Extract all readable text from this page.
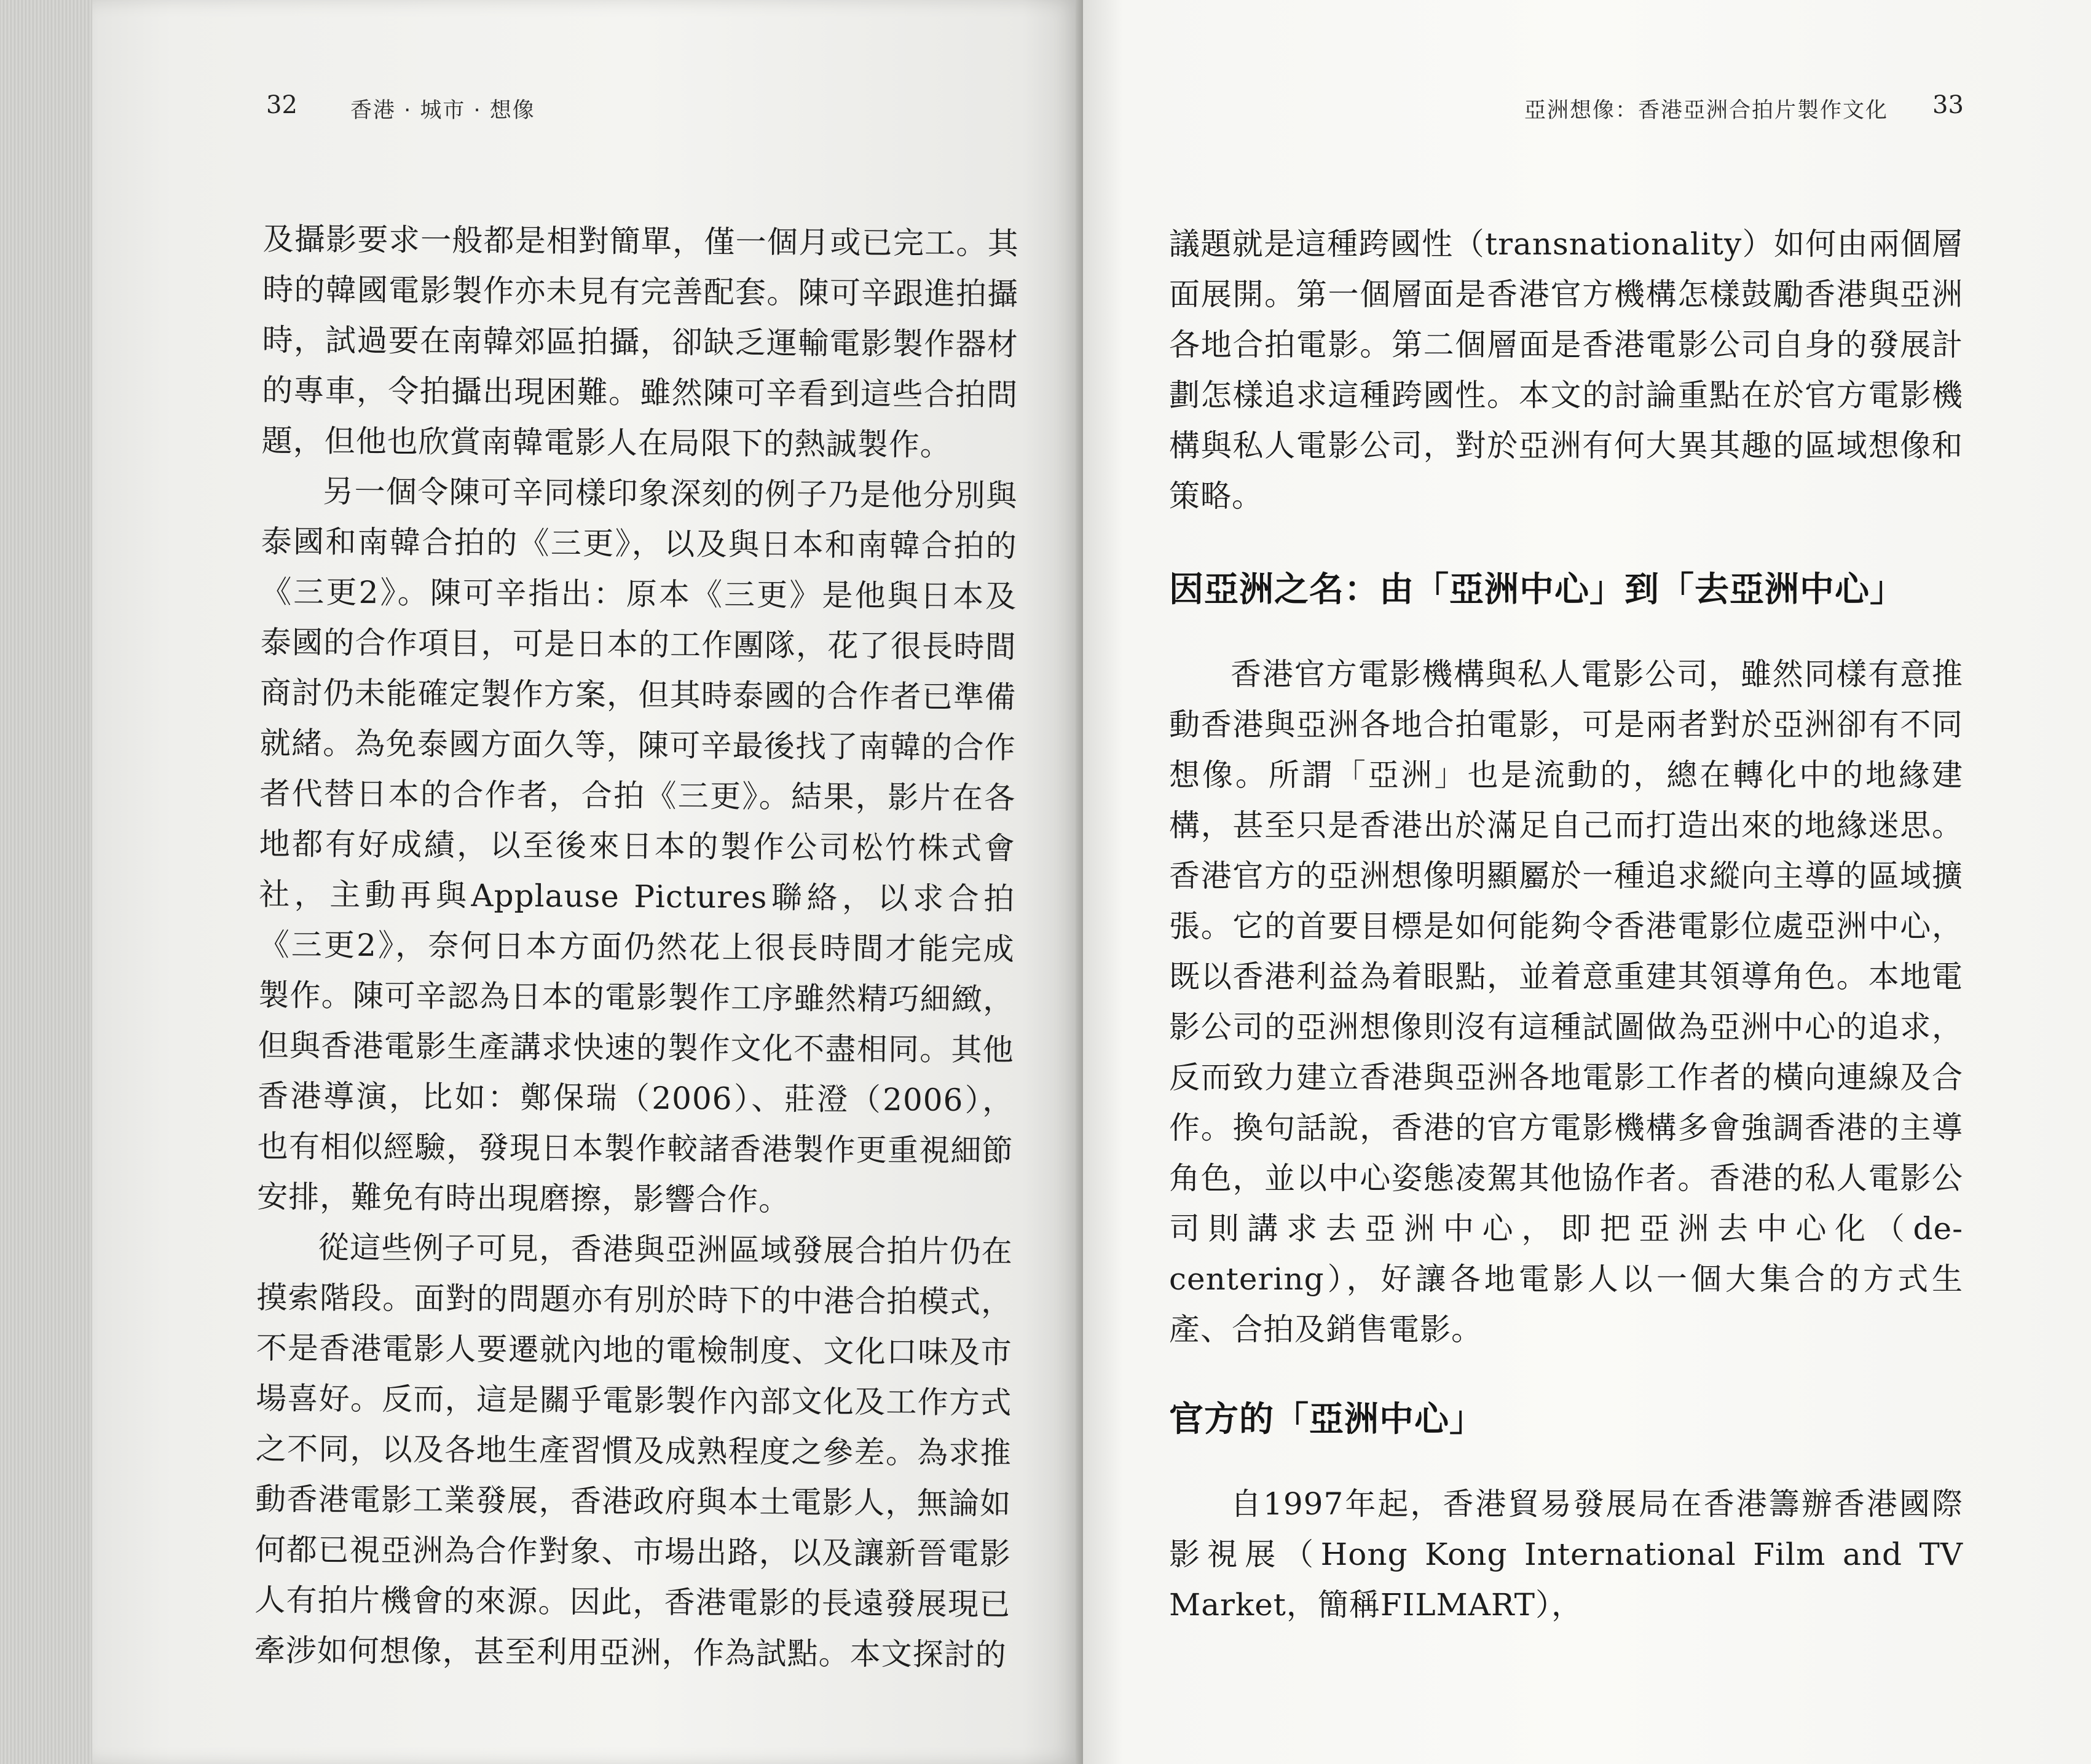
32 香港 · 城市 · 想像

及攝影要求一般都是相對簡單，僅一個月或已完工。其時的韓國電影製作亦未見有完善配套。陳可辛跟進拍攝時，試過要在南韓郊區拍攝，卻缺乏運輸電影製作器材的專車，令拍攝出現困難。雖然陳可辛看到這些合拍問題，但他也欣賞南韓電影人在局限下的熱誠製作。

另一個令陳可辛同樣印象深刻的例子乃是他分別與泰國和南韓合拍的《三更》，以及與日本和南韓合拍的《三更2》。陳可辛指出：原本《三更》是他與日本及泰國的合作項目，可是日本的工作團隊，花了很長時間商討仍未能確定製作方案，但其時泰國的合作者已準備就緒。為免泰國方面久等，陳可辛最後找了南韓的合作者代替日本的合作者，合拍《三更》。結果，影片在各地都有好成績，以至後來日本的製作公司松竹株式會社，主動再與Applause Pictures聯絡，以求合拍《三更2》，奈何日本方面仍然花上很長時間才能完成製作。陳可辛認為日本的電影製作工序雖然精巧細緻，但與香港電影生產講求快速的製作文化不盡相同。其他香港導演，比如：鄭保瑞（2006）、莊澄（2006），也有相似經驗，發現日本製作較諸香港製作更重視細節安排，難免有時出現磨擦，影響合作。

從這些例子可見，香港與亞洲區域發展合拍片仍在摸索階段。面對的問題亦有別於時下的中港合拍模式，不是香港電影人要遷就內地的電檢制度、文化口味及市場喜好。反而，這是關乎電影製作內部文化及工作方式之不同，以及各地生產習慣及成熟程度之參差。為求推動香港電影工業發展，香港政府與本土電影人，無論如何都已視亞洲為合作對象、市場出路，以及讓新晉電影人有拍片機會的來源。因此，香港電影的長遠發展現已牽涉如何想像，甚至利用亞洲，作為試點。本文探討的

亞洲想像：香港亞洲合拍片製作文化 33

議題就是這種跨國性（transnationality）如何由兩個層面展開。第一個層面是香港官方機構怎樣鼓勵香港與亞洲各地合拍電影。第二個層面是香港電影公司自身的發展計劃怎樣追求這種跨國性。本文的討論重點在於官方電影機構與私人電影公司，對於亞洲有何大異其趣的區域想像和策略。

因亞洲之名：由「亞洲中心」到「去亞洲中心」

香港官方電影機構與私人電影公司，雖然同樣有意推動香港與亞洲各地合拍電影，可是兩者對於亞洲卻有不同想像。所謂「亞洲」也是流動的，總在轉化中的地緣建構，甚至只是香港出於滿足自己而打造出來的地緣迷思。香港官方的亞洲想像明顯屬於一種追求縱向主導的區域擴張。它的首要目標是如何能夠令香港電影位處亞洲中心，既以香港利益為着眼點，並着意重建其領導角色。本地電影公司的亞洲想像則沒有這種試圖做為亞洲中心的追求，反而致力建立香港與亞洲各地電影工作者的橫向連線及合作。換句話說，香港的官方電影機構多會強調香港的主導角色，並以中心姿態凌駕其他協作者。香港的私人電影公司則講求去亞洲中心，即把亞洲去中心化（de-centering），好讓各地電影人以一個大集合的方式生產、合拍及銷售電影。

官方的「亞洲中心」

自1997年起，香港貿易發展局在香港籌辦香港國際影視展（Hong Kong International Film and TV Market，簡稱FILMART），
